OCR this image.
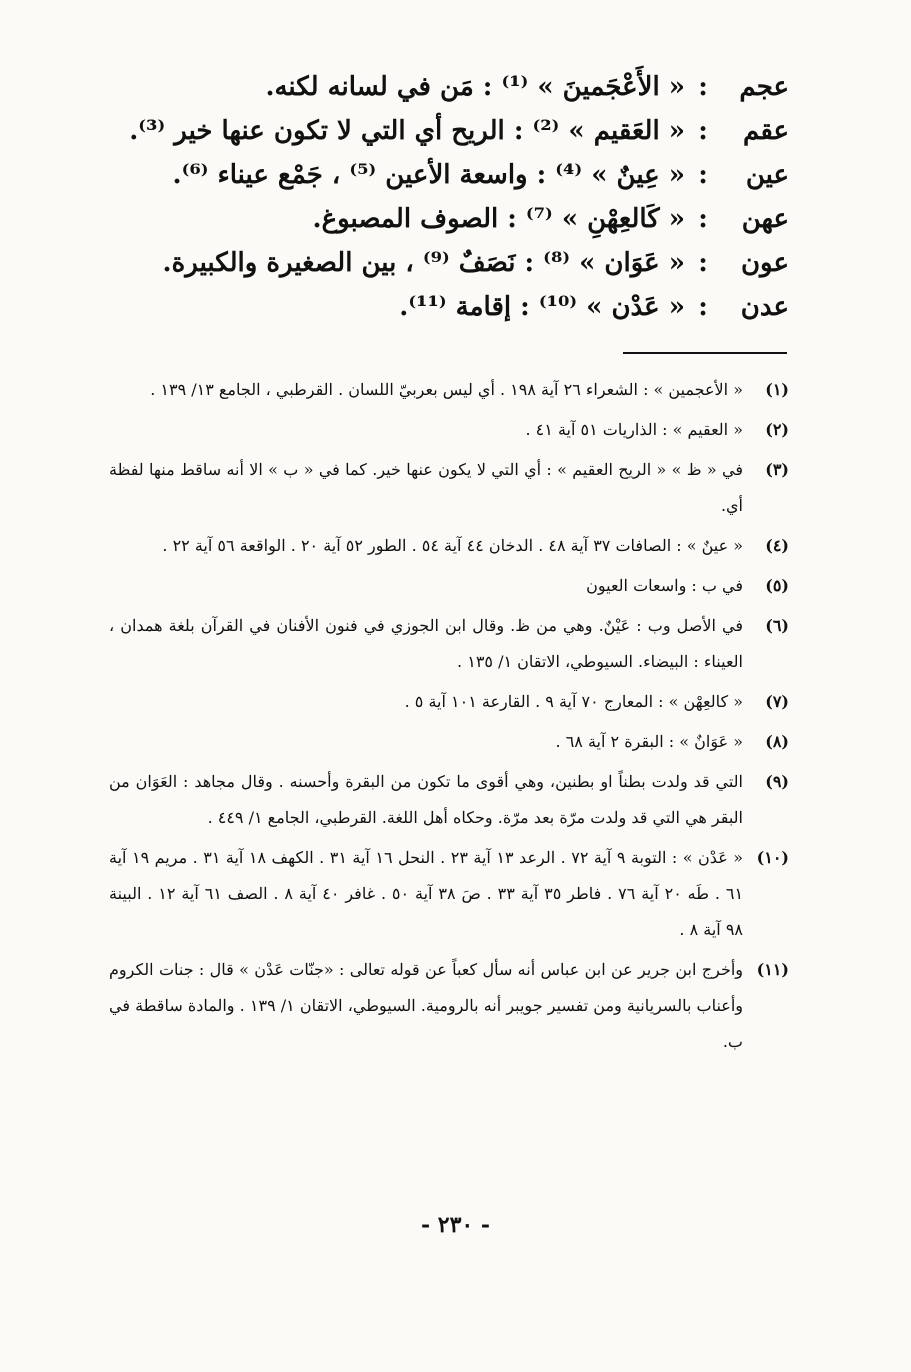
عجم
:
« الأَعْجَمينَ » ⁽¹⁾ : مَن في لسانه لكنه.
عقم
:
« العَقيم » ⁽²⁾ : الريح أي التي لا تكون عنها خير ⁽³⁾.
عين
:
« عِينٌ » ⁽⁴⁾ : واسعة الأعين ⁽⁵⁾ ، جَمْع عيناء ⁽⁶⁾.
عهن
:
« كَالعِهْنِ » ⁽⁷⁾ : الصوف المصبوغ.
عون
:
« عَوَان » ⁽⁸⁾ : نَصَفٌ ⁽⁹⁾ ، بين الصغيرة والكبيرة.
عدن
:
« عَدْن » ⁽¹⁰⁾ : إقامة ⁽¹¹⁾.
(١)
« الأعجمين » : الشعراء ٢٦ آية ١٩٨ . أي ليس بعربيّ اللسان . القرطبي ، الجامع ١٣/ ١٣٩ .
(٢)
« العقيم » : الذاريات ٥١ آية ٤١ .
(٣)
في « ظ » « الريح العقيم » : أي التي لا يكون عنها خير. كما في « ب » الا أنه ساقط منها لفظة أي.
(٤)
« عينٌ » : الصافات ٣٧ آية ٤٨ . الدخان ٤٤ آية ٥٤ . الطور ٥٢ آية ٢٠ . الواقعة ٥٦ آية ٢٢ .
(٥)
في ب : واسعات العيون
(٦)
في الأصل وب : عَيْنٌ. وهي من ظ. وقال ابن الجوزي في فنون الأفنان في القرآن بلغة همدان ، العيناء : البيضاء. السيوطي، الاتقان ١/ ١٣٥ .
(٧)
« كالعِهْن » : المعارج ٧٠ آية ٩ . القارعة ١٠١ آية ٥ .
(٨)
« عَوَانٌ » : البقرة ٢ آية ٦٨ .
(٩)
التي قد ولدت بطناً او بطنين، وهي أقوى ما تكون من البقرة وأحسنه . وقال مجاهد : العَوَان من البقر هي التي قد ولدت مرّة بعد مرّة. وحكاه أهل اللغة. القرطبي، الجامع ١/ ٤٤٩ .
(١٠)
« عَدْن » : التوبة ٩ آية ٧٢ . الرعد ١٣ آية ٢٣ . النحل ١٦ آية ٣١ . الكهف ١٨ آية ٣١ . مريم ١٩ آية ٦١ . طَه ٢٠ آية ٧٦ . فاطر ٣٥ آية ٣٣ . صَ ٣٨ آية ٥٠ . غافر ٤٠ آية ٨ . الصف ٦١ آية ١٢ . البينة ٩٨ آية ٨ .
(١١)
وأخرج ابن جرير عن ابن عباس أنه سأل كعباً عن قوله تعالى : «جنّات عَدْن » قال : جنات الكروم وأعناب بالسريانية ومن تفسير جويبر أنه بالرومية. السيوطي، الاتقان ١/ ١٣٩ . والمادة ساقطة في ب.
- ٢٣٠ -
